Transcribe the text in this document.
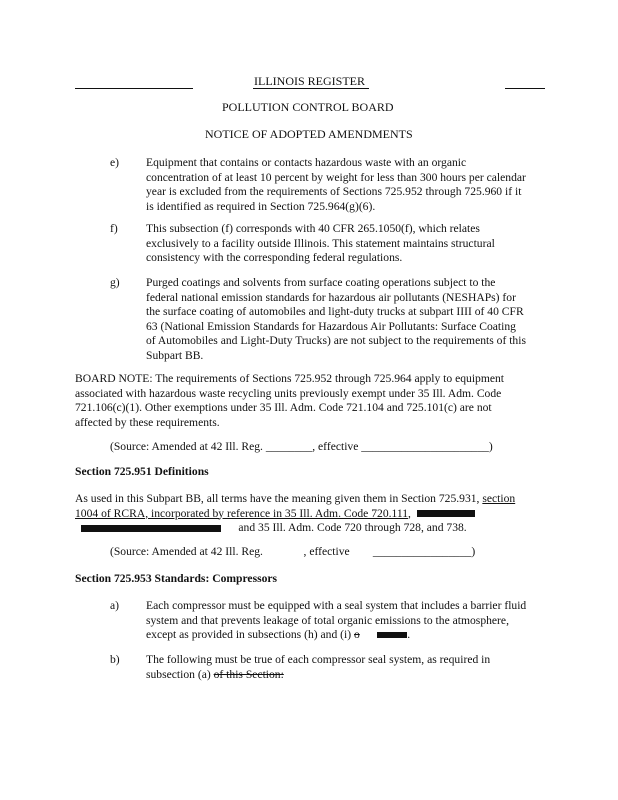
ILLINOIS REGISTER
POLLUTION CONTROL BOARD
NOTICE OF ADOPTED AMENDMENTS
e) Equipment that contains or contacts hazardous waste with an organic
concentration of at least 10 percent by weight for less than 300 hours per calendar
year is excluded from the requirements of Sections 725.952 through 725.960 if it
is identified as required in Section 725.964(g)(6).
f) This subsection (f) corresponds with 40 CFR 265.1050(f), which relates
exclusively to a facility outside Illinois. This statement maintains structural
consistency with the corresponding federal regulations.
g) Purged coatings and solvents from surface coating operations subject to the
federal national emission standards for hazardous air pollutants (NESHAPs) for
the surface coating of automobiles and light-duty trucks at subpart IIII of 40 CFR
63 (National Emission Standards for Hazardous Air Pollutants: Surface Coating
of Automobiles and Light-Duty Trucks) are not subject to the requirements of this
Subpart BB.
BOARD NOTE: The requirements of Sections 725.952 through 725.964 apply to equipment
associated with hazardous waste recycling units previously exempt under 35 Ill. Adm. Code
721.106(c)(1). Other exemptions under 35 Ill. Adm. Code 721.104 and 725.101(c) are not
affected by these requirements.
(Source: Amended at 42 Ill. Reg. ________, effective ______________________)
Section 725.951 Definitions
As used in this Subpart BB, all terms have the meaning given them in Section 725.931, section
1004 of RCRA, incorporated by reference in 35 Ill. Adm. Code 720.111,
and 35 Ill. Adm. Code 720 through 728, and 738.
(Source: Amended at 42 Ill. Reg.	, effective _________________)
Section 725.953 Standards: Compressors
a) Each compressor must be equipped with a seal system that includes a barrier fluid
system and that prevents leakage of total organic emissions to the atmosphere,
except as provided in subsections (h) and (i) o	.
b) The following must be true of each compressor seal system, as required in
subsection (a) of this Section:
